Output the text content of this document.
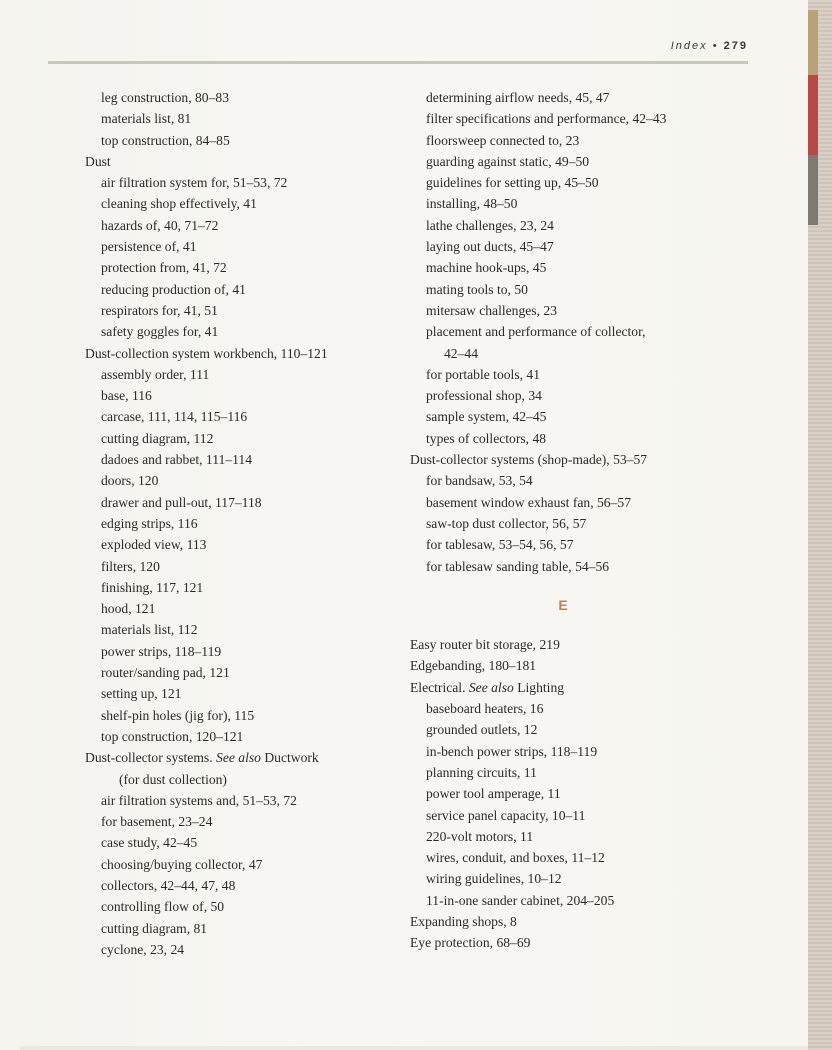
Index • 279
leg construction, 80–83
materials list, 81
top construction, 84–85
Dust
air filtration system for, 51–53, 72
cleaning shop effectively, 41
hazards of, 40, 71–72
persistence of, 41
protection from, 41, 72
reducing production of, 41
respirators for, 41, 51
safety goggles for, 41
Dust-collection system workbench, 110–121
assembly order, 111
base, 116
carcase, 111, 114, 115–116
cutting diagram, 112
dadoes and rabbet, 111–114
doors, 120
drawer and pull-out, 117–118
edging strips, 116
exploded view, 113
filters, 120
finishing, 117, 121
hood, 121
materials list, 112
power strips, 118–119
router/sanding pad, 121
setting up, 121
shelf-pin holes (jig for), 115
top construction, 120–121
Dust-collector systems. See also Ductwork
(for dust collection)
air filtration systems and, 51–53, 72
for basement, 23–24
case study, 42–45
choosing/buying collector, 47
collectors, 42–44, 47, 48
controlling flow of, 50
cutting diagram, 81
cyclone, 23, 24
determining airflow needs, 45, 47
filter specifications and performance, 42–43
floorsweep connected to, 23
guarding against static, 49–50
guidelines for setting up, 45–50
installing, 48–50
lathe challenges, 23, 24
laying out ducts, 45–47
machine hook-ups, 45
mating tools to, 50
mitersaw challenges, 23
placement and performance of collector,
42–44
for portable tools, 41
professional shop, 34
sample system, 42–45
types of collectors, 48
Dust-collector systems (shop-made), 53–57
for bandsaw, 53, 54
basement window exhaust fan, 56–57
saw-top dust collector, 56, 57
for tablesaw, 53–54, 56, 57
for tablesaw sanding table, 54–56
E
Easy router bit storage, 219
Edgebanding, 180–181
Electrical. See also Lighting
baseboard heaters, 16
grounded outlets, 12
in-bench power strips, 118–119
planning circuits, 11
power tool amperage, 11
service panel capacity, 10–11
220-volt motors, 11
wires, conduit, and boxes, 11–12
wiring guidelines, 10–12
11-in-one sander cabinet, 204–205
Expanding shops, 8
Eye protection, 68–69
